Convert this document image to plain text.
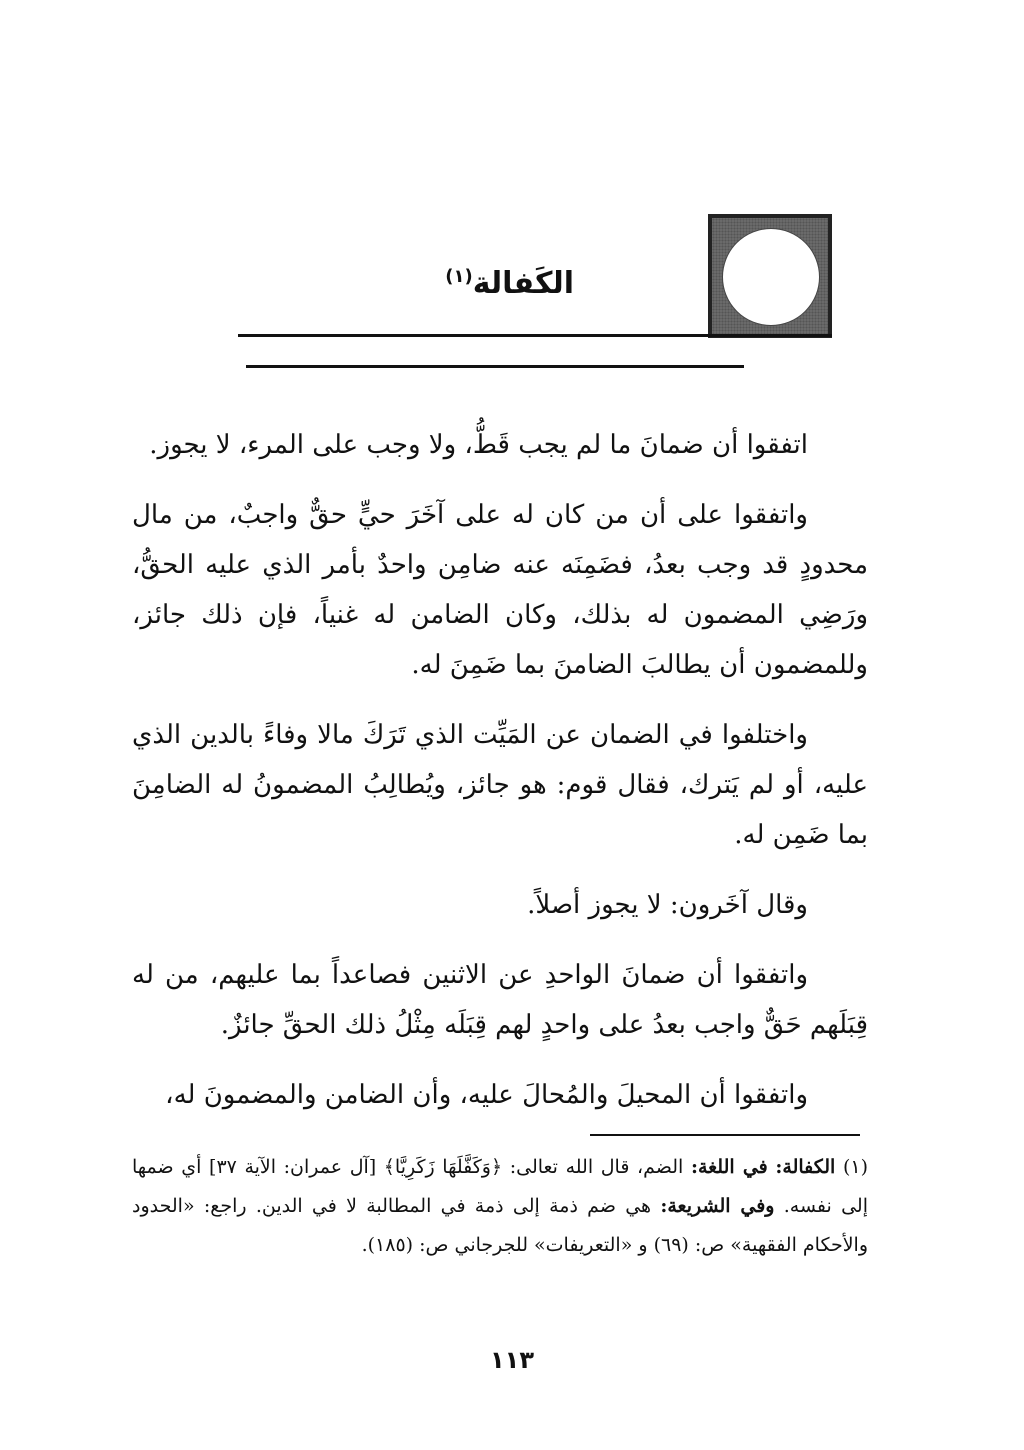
الكَفالة$^{(١)}$

اتفقوا أن ضمانَ ما لم يجب قَطُّ، ولا وجب على المرء، لا يجوز.

واتفقوا على أن من كان له على آخَرَ حيٍّ حقٌّ واجبٌ، من مال محدودٍ قد وجب بعدُ، فضَمِنَه عنه ضامِن واحدٌ بأمر الذي عليه الحقُّ، ورَضِي المضمون له بذلك، وكان الضامن له غنياً، فإن ذلك جائز، وللمضمون أن يطالبَ الضامنَ بما ضَمِنَ له.

واختلفوا في الضمان عن المَيِّت الذي تَرَكَ مالا وفاءً بالدين الذي عليه، أو لم يَترك، فقال قوم: هو جائز، ويُطالِبُ المضمونُ له الضامِنَ بما ضَمِن له.

وقال آخَرون: لا يجوز أصلاً.

واتفقوا أن ضمانَ الواحدِ عن الاثنين فصاعداً بما عليهم، من له قِبَلَهم حَقٌّ واجب بعدُ على واحدٍ لهم قِبَلَه مِثْلُ ذلك الحقِّ جائزٌ.

واتفقوا أن المحيلَ والمُحالَ عليه، وأن الضامن والمضمونَ له،

(١) الكفالة: في اللغة: الضم، قال الله تعالى: ﴿وَكَفَّلَهَا زَكَرِيَّا﴾ [آل عمران: الآية ٣٧] أي ضمها إلى نفسه. وفي الشريعة: هي ضم ذمة إلى ذمة في المطالبة لا في الدين. راجع: «الحدود والأحكام الفقهية» ص: (٦٩) و «التعريفات» للجرجاني ص: (١٨٥).
١١٣
